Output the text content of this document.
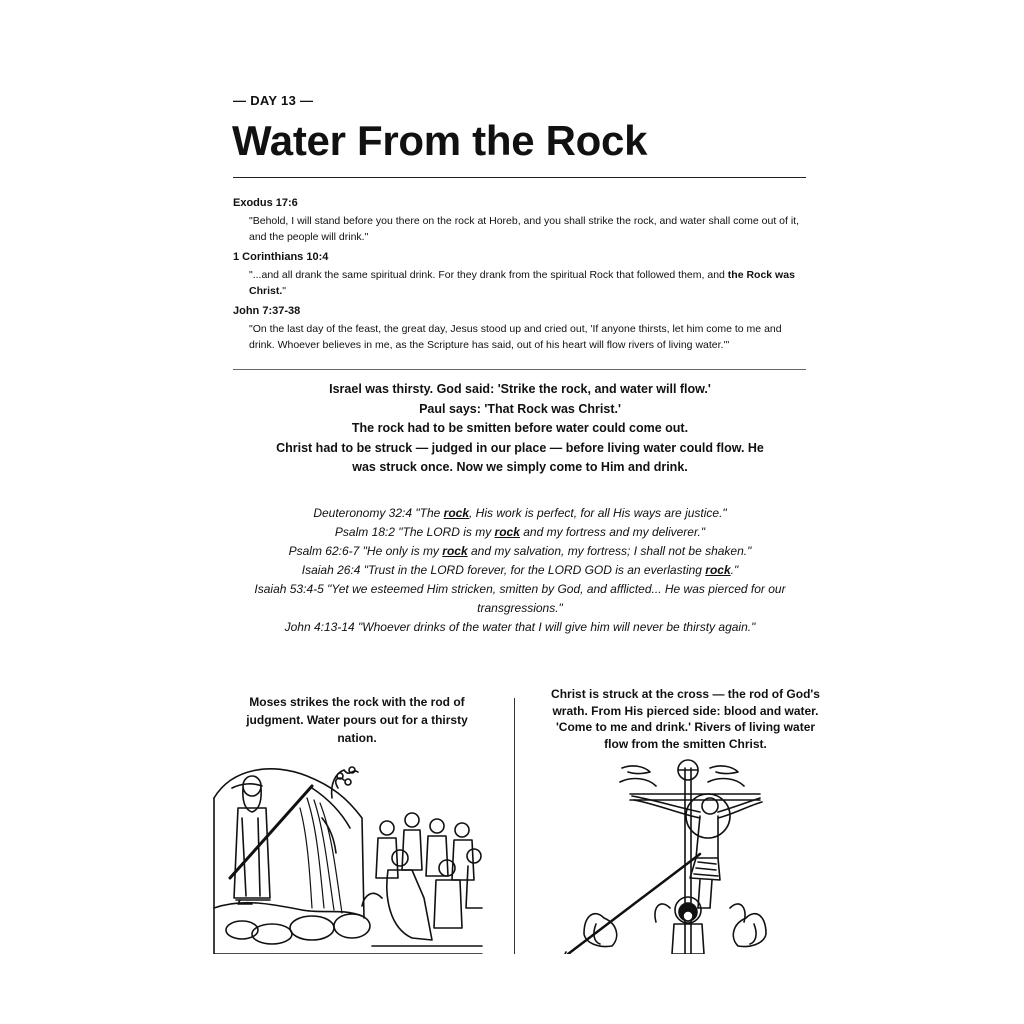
— DAY 13 —
Water From the Rock
Exodus 17:6
"Behold, I will stand before you there on the rock at Horeb, and you shall strike the rock, and water shall come out of it, and the people will drink."
1 Corinthians 10:4
"...and all drank the same spiritual drink. For they drank from the spiritual Rock that followed them, and the Rock was Christ."
John 7:37-38
"On the last day of the feast, the great day, Jesus stood up and cried out, 'If anyone thirsts, let him come to me and drink. Whoever believes in me, as the Scripture has said, out of his heart will flow rivers of living water.'"
Israel was thirsty. God said: 'Strike the rock, and water will flow.'
Paul says: 'That Rock was Christ.'
The rock had to be smitten before water could come out.
Christ had to be struck — judged in our place — before living water could flow. He was struck once. Now we simply come to Him and drink.
Deuteronomy 32:4 "The rock, His work is perfect, for all His ways are justice."
Psalm 18:2 "The LORD is my rock and my fortress and my deliverer."
Psalm 62:6-7 "He only is my rock and my salvation, my fortress; I shall not be shaken."
Isaiah 26:4 "Trust in the LORD forever, for the LORD GOD is an everlasting rock."
Isaiah 53:4-5 "Yet we esteemed Him stricken, smitten by God, and afflicted... He was pierced for our transgressions."
John 4:13-14 "Whoever drinks of the water that I will give him will never be thirsty again."
Moses strikes the rock with the rod of judgment. Water pours out for a thirsty nation.
Christ is struck at the cross — the rod of God's wrath. From His pierced side: blood and water. 'Come to me and drink.' Rivers of living water flow from the smitten Christ.
